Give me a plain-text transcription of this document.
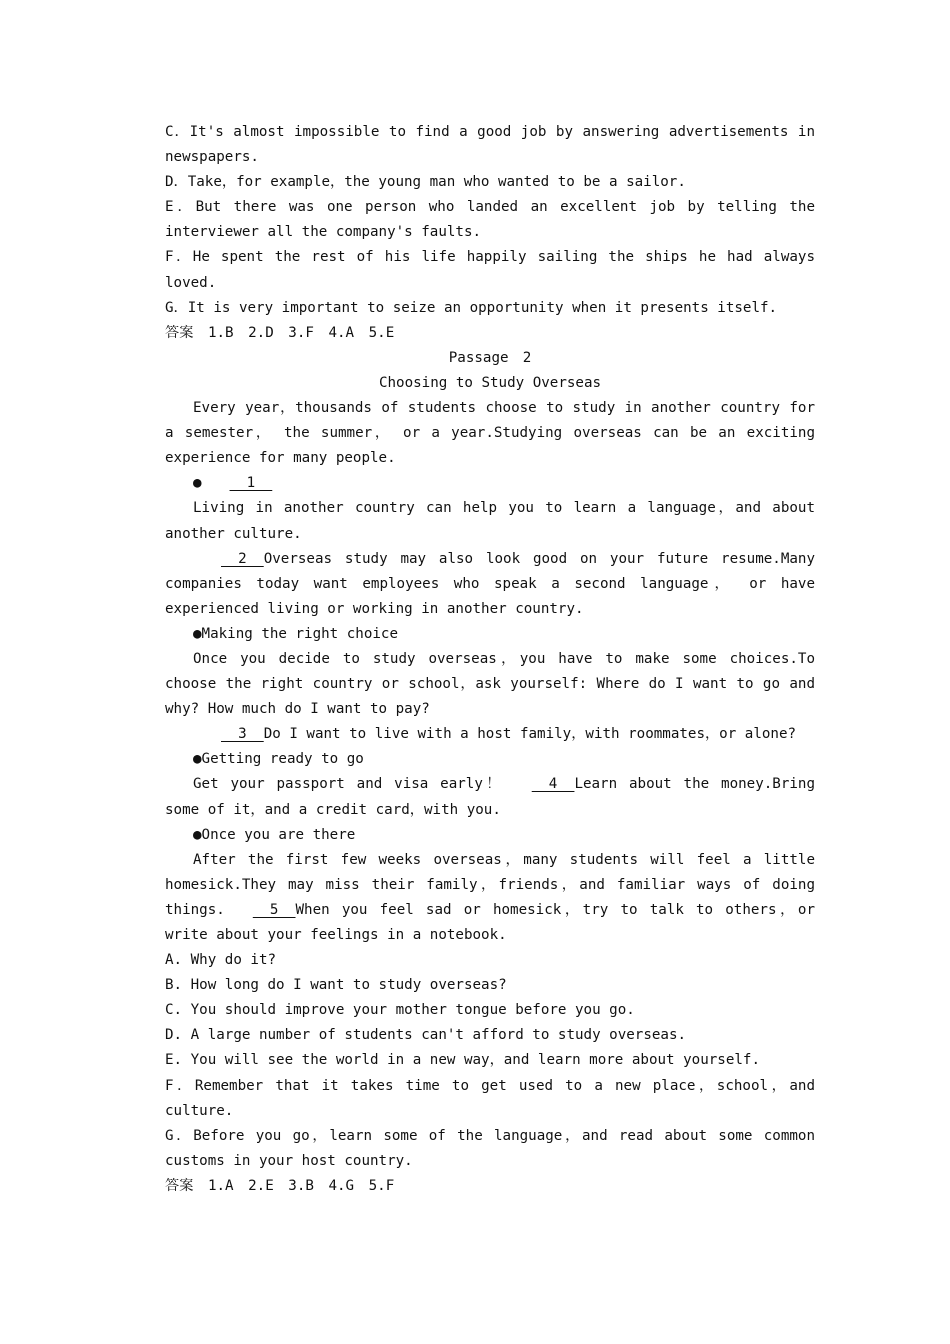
C．It's almost impossible to find a good job by answering advertisements in newspapers.

D．Take，for example，the young man who wanted to be a sailor.

E．But there was one person who landed an excellent job by telling the interviewer all the company's faults.

F．He spent the rest of his life happily sailing the ships he had always loved.

G．It is very important to seize an opportunity when it presents itself.

答案 1.B 2.D 3.F 4.A 5.E

Passage　2

Choosing to Study Overseas

Every year，thousands of students choose to study in another country for a semester， the summer， or a year.Studying overseas can be an exciting experience for many people.

●  1

Living in another country can help you to learn a language，and about another culture.

2  Overseas study may also look good on your future resume.Many companies today want employees who speak a second language， or have experienced living or working in another country.

●Making the right choice

Once you decide to study overseas，you have to make some choices.To choose the right country or school，ask yourself: Where do I want to go and why? How much do I want to pay?

3  Do I want to live with a host family，with roommates，or alone?

●Getting ready to go

Get your passport and visa early！  4  Learn about the money.Bring some of it，and a credit card，with you.

●Once you are there

After the first few weeks overseas，many students will feel a little homesick.They may miss their family，friends，and familiar ways of doing things.  5  When you feel sad or homesick，try to talk to others，or write about your feelings in a notebook.

A. Why do it?

B. How long do I want to study overseas?

C. You should improve your mother tongue before you go.

D. A large number of students can't afford to study overseas.

E. You will see the world in a new way，and learn more about yourself.

F．Remember that it takes time to get used to a new place，school，and culture.

G．Before you go，learn some of the language，and read about some common customs in your host country.

答案 1.A 2.E 3.B 4.G 5.F
